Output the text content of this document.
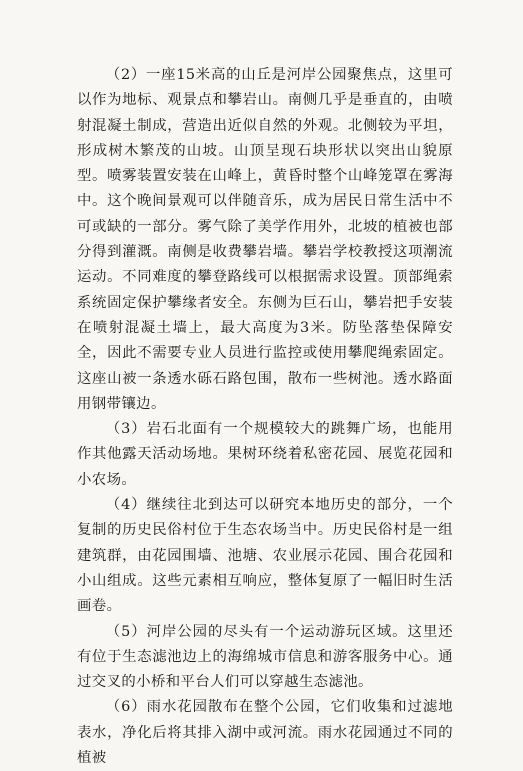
（2）一座15米高的山丘是河岸公园聚焦点，这里可以作为地标、观景点和攀岩山。南侧几乎是垂直的，由喷射混凝土制成，营造出近似自然的外观。北侧较为平坦，形成树木繁茂的山坡。山顶呈现石块形状以突出山貌原型。喷雾装置安装在山峰上，黄昏时整个山峰笼罩在雾海中。这个晚间景观可以伴随音乐，成为居民日常生活中不可或缺的一部分。雾气除了美学作用外，北坡的植被也部分得到灌溉。南侧是收费攀岩墙。攀岩学校教授这项潮流运动。不同难度的攀登路线可以根据需求设置。顶部绳索系统固定保护攀缘者安全。东侧为巨石山，攀岩把手安装在喷射混凝土墙上，最大高度为3米。防坠落垫保障安全，因此不需要专业人员进行监控或使用攀爬绳索固定。这座山被一条透水砾石路包围，散布一些树池。透水路面用钢带镶边。

（3）岩石北面有一个规模较大的跳舞广场，也能用作其他露天活动场地。果树环绕着私密花园、展览花园和小农场。

（4）继续往北到达可以研究本地历史的部分，一个复制的历史民俗村位于生态农场当中。历史民俗村是一组建筑群，由花园围墙、池塘、农业展示花园、围合花园和小山组成。这些元素相互响应，整体复原了一幅旧时生活画卷。

（5）河岸公园的尽头有一个运动游玩区域。这里还有位于生态滤池边上的海绵城市信息和游客服务中心。通过交叉的小桥和平台人们可以穿越生态滤池。

（6）雨水花园散布在整个公园，它们收集和过滤地表水，净化后将其排入湖中或河流。雨水花园通过不同的植被
